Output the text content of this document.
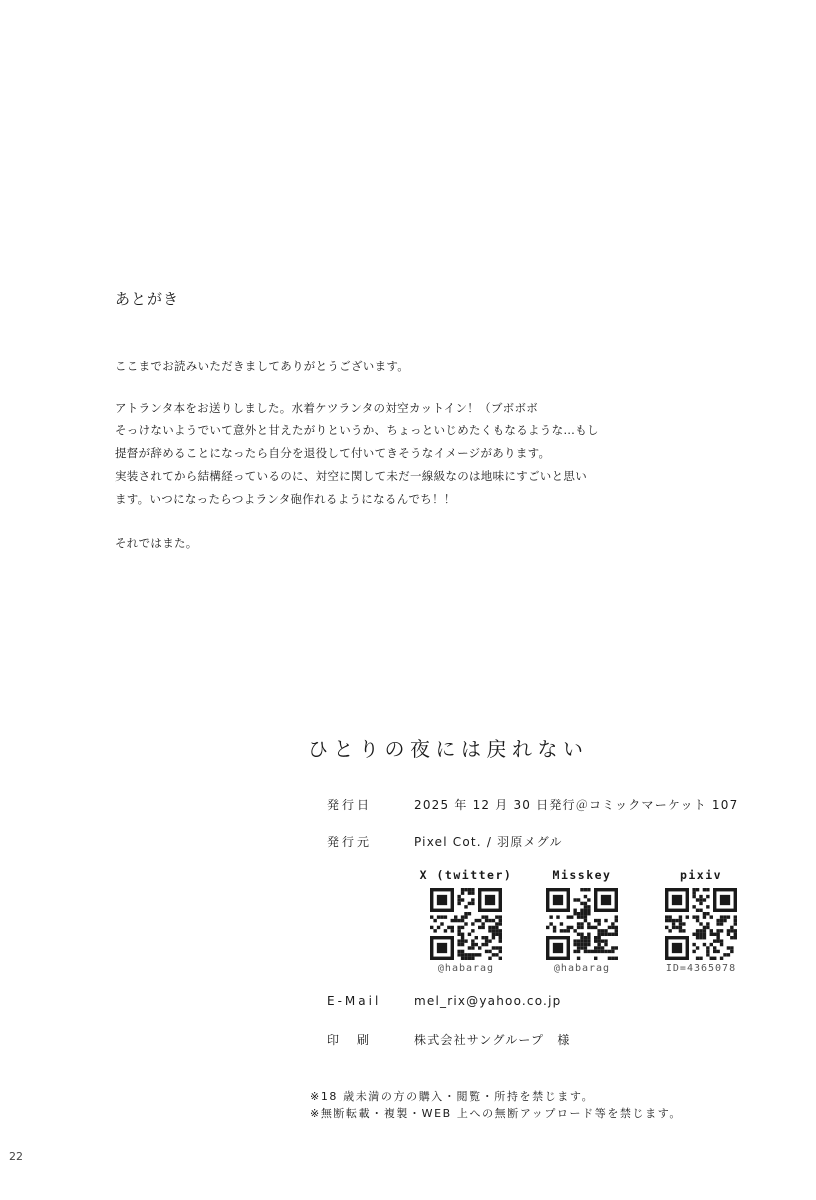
あとがき
ここまでお読みいただきましてありがとうございます。
アトランタ本をお送りしました。水着ケツランタの対空カットイン！（ブボボボ
そっけないようでいて意外と甘えたがりというか、ちょっといじめたくもなるような…もし
提督が辞めることになったら自分を退役して付いてきそうなイメージがあります。
実装されてから結構経っているのに、対空に関して未だ一線級なのは地味にすごいと思い
ます。いつになったらつよランタ砲作れるようになるんでち！！
それではまた。
ひとりの夜には戻れない
発行日	2025 年 12 月 30 日発行＠コミックマーケット 107
発行元	Pixel Cot. / 羽原メグル
X (twitter)
@habarag
Misskey
@habarag
pixiv
ID=4365078
E-Mail	mel_rix@yahoo.co.jp
印　刷	株式会社サングループ　様
※18 歳未満の方の購入・閲覧・所持を禁じます。
※無断転載・複製・WEB 上への無断アップロード等を禁じます。
22
